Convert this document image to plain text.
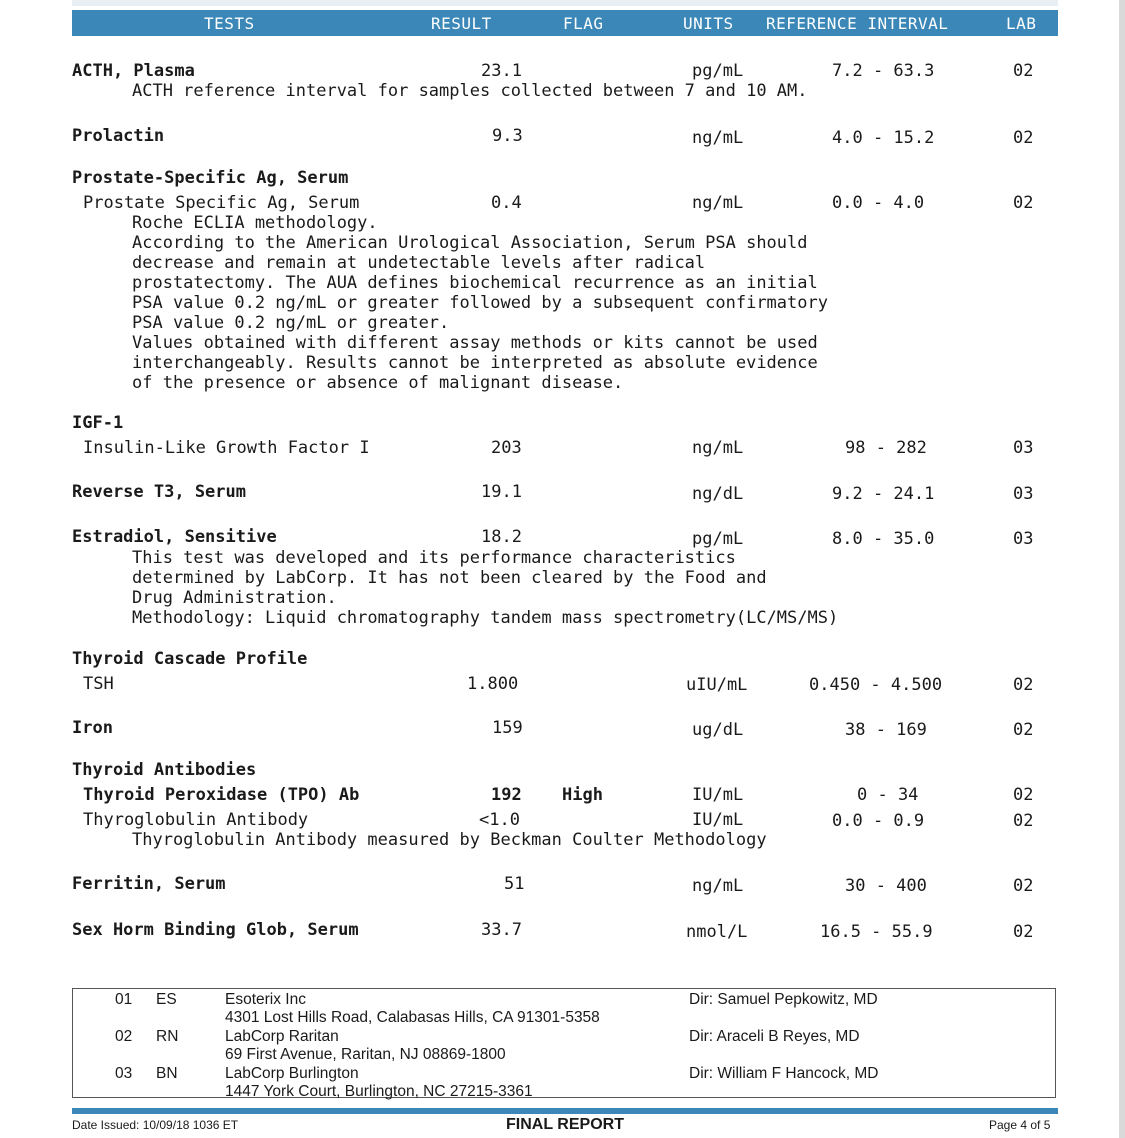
TESTS	RESULT	FLAG	UNITS REFERENCE INTERVAL	LAB
ACTH, Plasma	23.1	pg/mL	7.2 - 63.3	02
ACTH reference interval for samples collected between 7 and 10 AM.
Prolactin	9.3	ng/mL	4.0 - 15.2	02
Prostate-Specific Ag, Serum
Prostate Specific Ag, Serum	0.4	ng/mL	0.0 - 4.0	02
Roche ECLIA methodology.
According to the American Urological Association, Serum PSA should
decrease and remain at undetectable levels after radical
prostatectomy. The AUA defines biochemical recurrence as an initial
PSA value 0.2 ng/mL or greater followed by a subsequent confirmatory
PSA value 0.2 ng/mL or greater.
Values obtained with different assay methods or kits cannot be used
interchangeably. Results cannot be interpreted as absolute evidence
of the presence or absence of malignant disease.
IGF-1
Insulin-Like Growth Factor I	203	ng/mL	98 - 282	03
Reverse T3, Serum	19.1	ng/dL	9.2 - 24.1	03
Estradiol, Sensitive	18.2	pg/mL	8.0 - 35.0	03
This test was developed and its performance characteristics
determined by LabCorp. It has not been cleared by the Food and
Drug Administration.
Methodology: Liquid chromatography tandem mass spectrometry(LC/MS/MS)
Thyroid Cascade Profile
TSH	1.800	uIU/mL	0.450 - 4.500	02
Iron	159	ug/dL	38 - 169	02
Thyroid Antibodies
Thyroid Peroxidase (TPO) Ab	192 High	IU/mL	0 - 34	02
Thyroglobulin Antibody	<1.0	IU/mL	0.0 - 0.9	02
Thyroglobulin Antibody measured by Beckman Coulter Methodology
Ferritin, Serum	51	ng/mL	30 - 400	02
Sex Horm Binding Glob, Serum	33.7	nmol/L	16.5 - 55.9	02
01 ES	Esoterix Inc
4301 Lost Hills Road, Calabasas Hills, CA 91301-5358
Dir: Samuel Pepkowitz, MD
02 RN	LabCorp Raritan
69 First Avenue, Raritan, NJ 08869-1800
Dir: Araceli B Reyes, MD
03 BN	LabCorp Burlington
1447 York Court, Burlington, NC 27215-3361
Dir: William F Hancock, MD
Date Issued: 10/09/18 1036 ET	FINAL REPORT	Page 4 of 5
